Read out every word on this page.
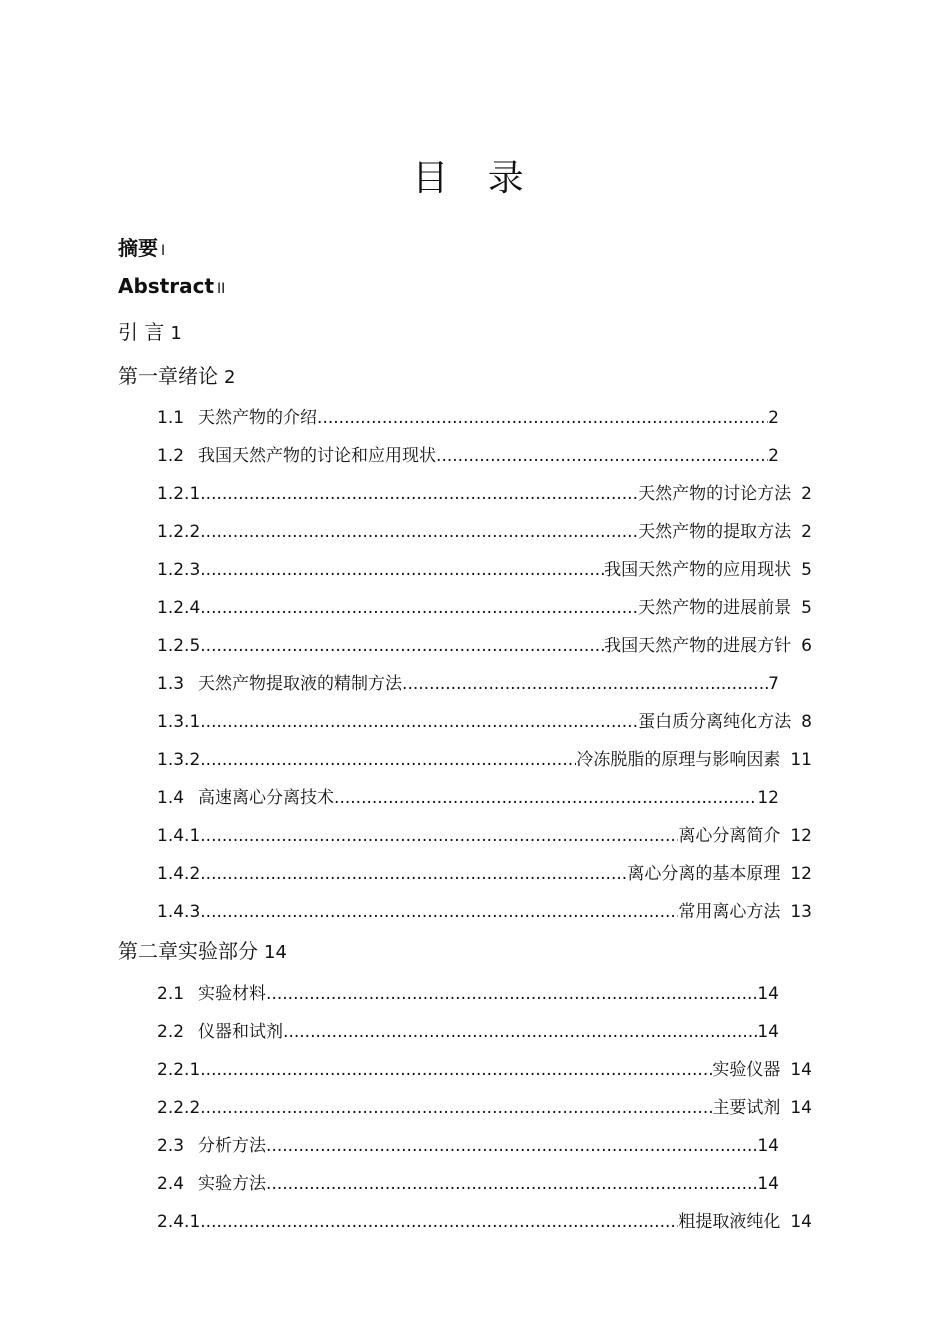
目 录
摘要 I
Abstract II
引 言 1
第一章绪论 2
1.1 天然产物的介绍 .....	2
1.2 我国天然产物的讨论和应用现状 .....	2
1.2.1 .....	天然产物的讨论方法 2
1.2.2 .....	天然产物的提取方法 2
1.2.3 .....	我国天然产物的应用现状 5
1.2.4 .....	天然产物的进展前景 5
1.2.5 .....	我国天然产物的进展方针 6
1.3 天然产物提取液的精制方法 .....	7
1.3.1 .....	蛋白质分离纯化方法 8
1.3.2 .....	冷冻脱脂的原理与影响因素 11
1.4 高速离心分离技术 .....	12
1.4.1 .....	离心分离简介 12
1.4.2 .....	离心分离的基本原理 12
1.4.3 .....	常用离心方法 13
第二章实验部分 14
2.1 实验材料 .....	14
2.2 仪器和试剂 .....	14
2.2.1 .....	实验仪器 14
2.2.2 .....	主要试剂 14
2.3 分析方法 .....	14
2.4 实验方法 .....	14
2.4.1 .....	粗提取液纯化 14
